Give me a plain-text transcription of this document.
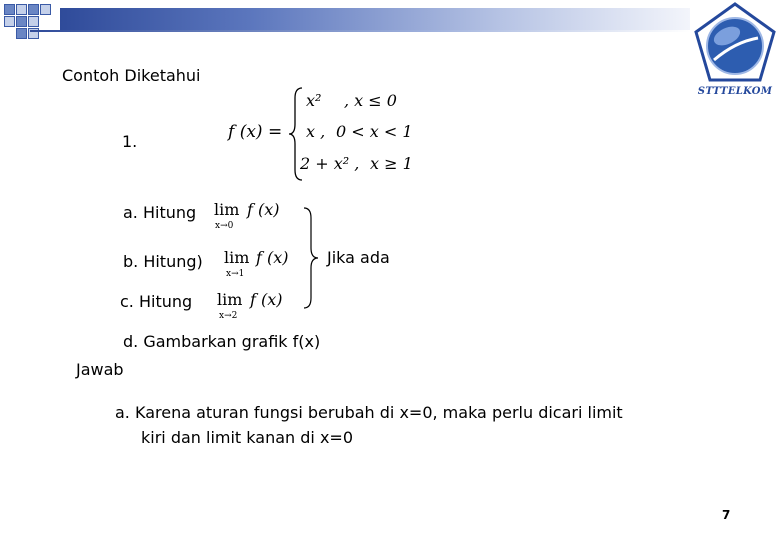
STTTELKOM
Contoh Diketahui
1.	f (x) =
x² , x ≤ 0
x , 0 < x < 1
2 + x² , x ≥ 1
a. Hitung lim f (x)
x→0
b. Hitung) lim f (x)
x→1
c. Hitung lim f (x)
x→2
Jika ada
d. Gambarkan grafik f(x)
Jawab
a. Karena aturan fungsi berubah di x=0, maka perlu dicari limit
kiri dan limit kanan di x=0
7
